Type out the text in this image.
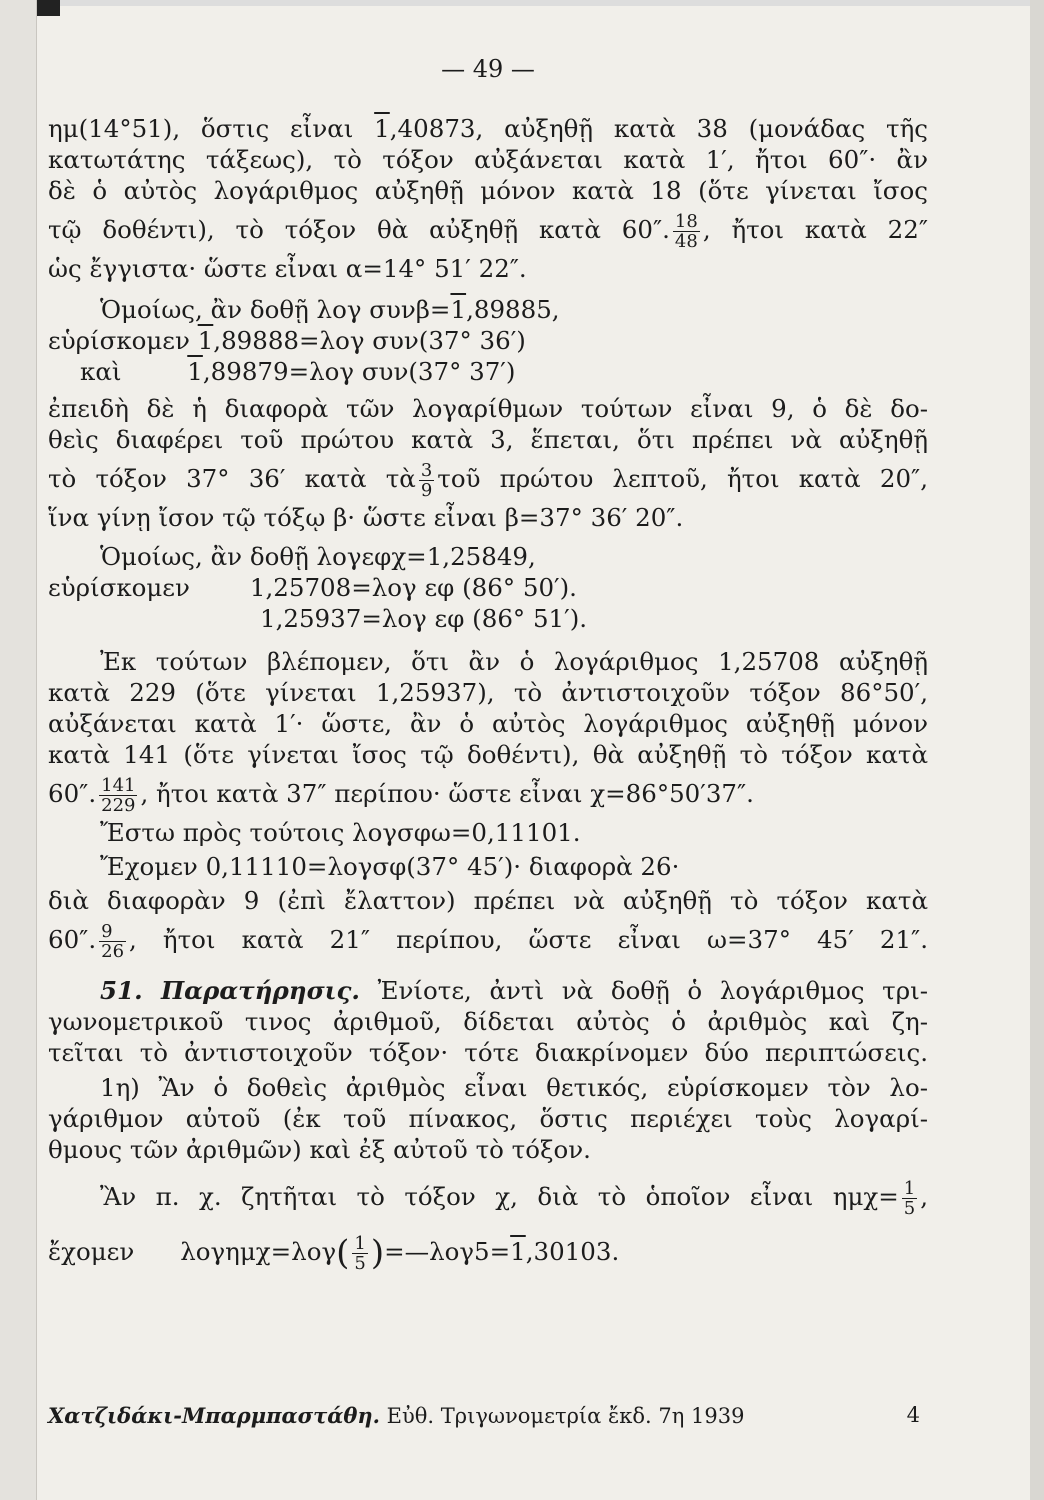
— 49 —
ημ(14°51), ὅστις εἶναι 1,40873, αὐξηθῇ κατὰ 38 (μονάδας τῆς
κατωτάτης τάξεως), τὸ τόξον αὐξάνεται κατὰ 1′, ἤτοι 60″· ἂν
δὲ ὁ αὐτὸς λογάριθμος αὐξηθῇ μόνον κατὰ 18 (ὅτε γίνεται ἴσος
τῷ δοθέντι), τὸ τόξον θὰ αὐξηθῇ κατὰ 60″. $\frac{18}{48}$ , ἤτοι κατὰ 22″
ὡς ἔγγιστα· ὥστε εἶναι α=14° 51′ 22″.
Ὁμοίως, ἂν δοθῇ λογ συνβ=1,89885,
εὑρίσκομεν 1,89888=λογ συν(37° 36′)
καὶ 1,89879=λογ συν(37° 37′)
ἐπειδὴ δὲ ἡ διαφορὰ τῶν λογαρίθμων τούτων εἶναι 9, ὁ δὲ δο-
θεὶς διαφέρει τοῦ πρώτου κατὰ 3, ἕπεται, ὅτι πρέπει νὰ αὐξηθῇ
τὸ τόξον 37° 36′ κατὰ τὰ $\frac{3}{9}$ τοῦ πρώτου λεπτοῦ, ἤτοι κατὰ 20″,
ἵνα γίνῃ ἴσον τῷ τόξῳ β· ὥστε εἶναι β=37° 36′ 20″.
Ὁμοίως, ἂν δοθῇ λογεφχ=1,25849,
εὑρίσκομεν 1,25708=λογ εφ (86° 50′).
1,25937=λογ εφ (86° 51′).
Ἐκ τούτων βλέπομεν, ὅτι ἂν ὁ λογάριθμος 1,25708 αὐξηθῇ
κατὰ 229 (ὅτε γίνεται 1,25937), τὸ ἀντιστοιχοῦν τόξον 86°50′,
αὐξάνεται κατὰ 1′· ὥστε, ἂν ὁ αὐτὸς λογάριθμος αὐξηθῇ μόνον
κατὰ 141 (ὅτε γίνεται ἴσος τῷ δοθέντι), θὰ αὐξηθῇ τὸ τόξον κατὰ
60″. $\frac{141}{229}$ , ἤτοι κατὰ 37″ περίπου· ὥστε εἶναι χ=86°50′37″.
Ἔστω πρὸς τούτοις λογσφω=0,11101.
Ἔχομεν 0,11110=λογσφ(37° 45′)· διαφορὰ 26·
διὰ διαφορὰν 9 (ἐπὶ ἔλαττον) πρέπει νὰ αὐξηθῇ τὸ τόξον κατὰ
60″. $\frac{9}{26}$ , ἤτοι κατὰ 21″ περίπου, ὥστε εἶναι ω=37° 45′ 21″.
51. Παρατήρησις. Ἐνίοτε, ἀντὶ νὰ δοθῇ ὁ λογάριθμος τρι-
γωνομετρικοῦ τινος ἀριθμοῦ, δίδεται αὐτὸς ὁ ἀριθμὸς καὶ ζη-
τεῖται τὸ ἀντιστοιχοῦν τόξον· τότε διακρίνομεν δύο περιπτώσεις.
1η) Ἂν ὁ δοθεὶς ἀριθμὸς εἶναι θετικός, εὑρίσκομεν τὸν λο-
γάριθμον αὐτοῦ (ἐκ τοῦ πίνακος, ὅστις περιέχει τοὺς λογαρί-
θμους τῶν ἀριθμῶν) καὶ ἐξ αὐτοῦ τὸ τόξον.
Ἂν π. χ. ζητῆται τὸ τόξον χ, διὰ τὸ ὁποῖον εἶναι $\eta\mu\chi= \frac{1}{5}$ ,
ἔχομεν $\lambda o\gamma\eta\mu\chi=\lambda o\gamma( \frac{1}{5}$ )=—λογ5=1,30103.
Χατζιδάκι-Μπαρμπαστάθη. Εὐθ. Τριγωνομετρία ἔκδ. 7η 1939	4
